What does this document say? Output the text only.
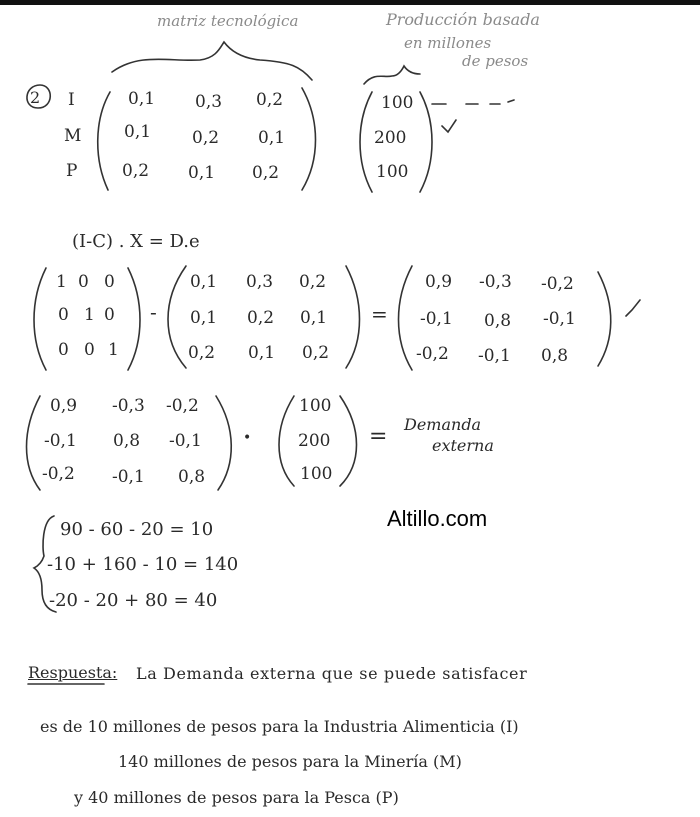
matriz tecnológica	Producción basada
en millones
de pesos
2 I
M
P
0,1 0,3 0,2
0,1 0,2 0,1
0,2 0,1 0,2
100
200
100
(I-C) . X = D.e
1 0 0
0 1 0
0 0 1
-
0,1 0,3 0,2
0,1 0,2 0,1
0,2 0,1 0,2
=
0,9 -0,3 -0,2
-0,1 0,8 -0,1
-0,2 -0,1 0,8
0,9 -0,3 -0,2
-0,1 0,8 -0,1
-0,2 -0,1 0,8
•
100
200
100
= Demanda
externa
90 - 60 - 20 = 10
-10 + 160 - 10 = 140
-20 - 20 + 80 = 40
Altillo.com
Respuesta: La Demanda externa que se puede satisfacer
es de 10 millones de pesos para la Industria Alimenticia (I)
140 millones de pesos para la Minería (M)
y 40 millones de pesos para la Pesca (P)
